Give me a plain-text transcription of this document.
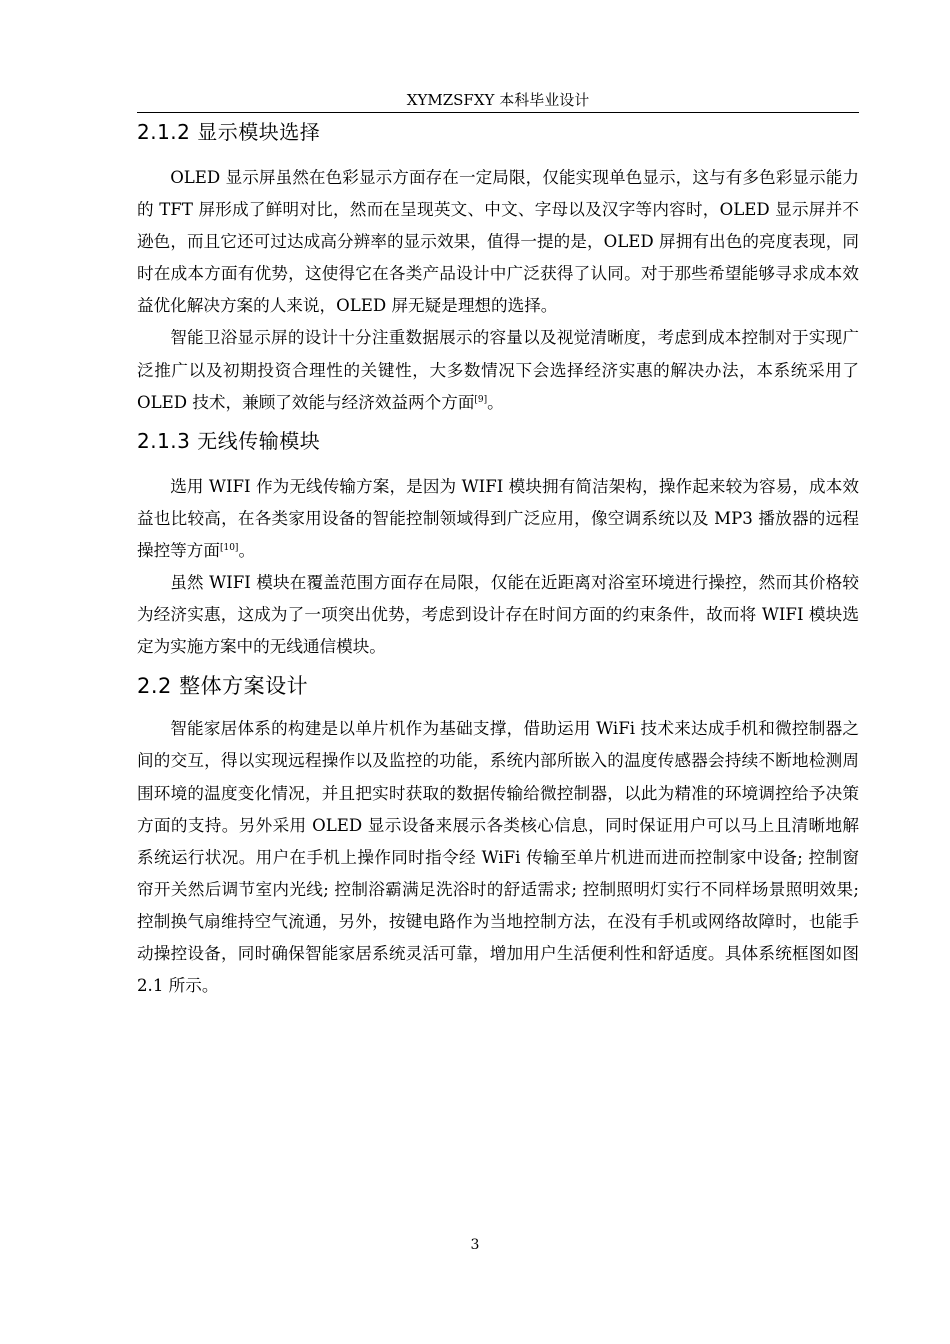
XYMZSFXY 本科毕业设计
2.1.2 显示模块选择

OLED 显示屏虽然在色彩显示方面存在一定局限，仅能实现单色显示，这与有多色彩显示能力的 TFT 屏形成了鲜明对比，然而在呈现英文、中文、字母以及汉字等内容时，OLED 显示屏并不逊色，而且它还可过达成高分辨率的显示效果，值得一提的是，OLED 屏拥有出色的亮度表现，同时在成本方面有优势，这使得它在各类产品设计中广泛获得了认同。对于那些希望能够寻求成本效益优化解决方案的人来说，OLED 屏无疑是理想的选择。

智能卫浴显示屏的设计十分注重数据展示的容量以及视觉清晰度，考虑到成本控制对于实现广泛推广以及初期投资合理性的关键性，大多数情况下会选择经济实惠的解决办法，本系统采用了 OLED 技术，兼顾了效能与经济效益两个方面[9]。

2.1.3 无线传输模块

选用 WIFI 作为无线传输方案，是因为 WIFI 模块拥有简洁架构，操作起来较为容易，成本效益也比较高，在各类家用设备的智能控制领域得到广泛应用，像空调系统以及 MP3 播放器的远程操控等方面[10]。

虽然 WIFI 模块在覆盖范围方面存在局限，仅能在近距离对浴室环境进行操控，然而其价格较为经济实惠，这成为了一项突出优势，考虑到设计存在时间方面的约束条件，故而将 WIFI 模块选定为实施方案中的无线通信模块。

2.2 整体方案设计

智能家居体系的构建是以单片机作为基础支撑，借助运用 WiFi 技术来达成手机和微控制器之间的交互，得以实现远程操作以及监控的功能，系统内部所嵌入的温度传感器会持续不断地检测周围环境的温度变化情况，并且把实时获取的数据传输给微控制器，以此为精准的环境调控给予决策方面的支持。另外采用 OLED 显示设备来展示各类核心信息，同时保证用户可以马上且清晰地解系统运行状况。用户在手机上操作同时指令经 WiFi 传输至单片机进而进而控制家中设备; 控制窗帘开关然后调节室内光线; 控制浴霸满足洗浴时的舒适需求; 控制照明灯实行不同样场景照明效果; 控制换气扇维持空气流通，另外，按键电路作为当地控制方法，在没有手机或网络故障时，也能手动操控设备，同时确保智能家居系统灵活可靠，增加用户生活便利性和舒适度。具体系统框图如图 2.1 所示。

3
